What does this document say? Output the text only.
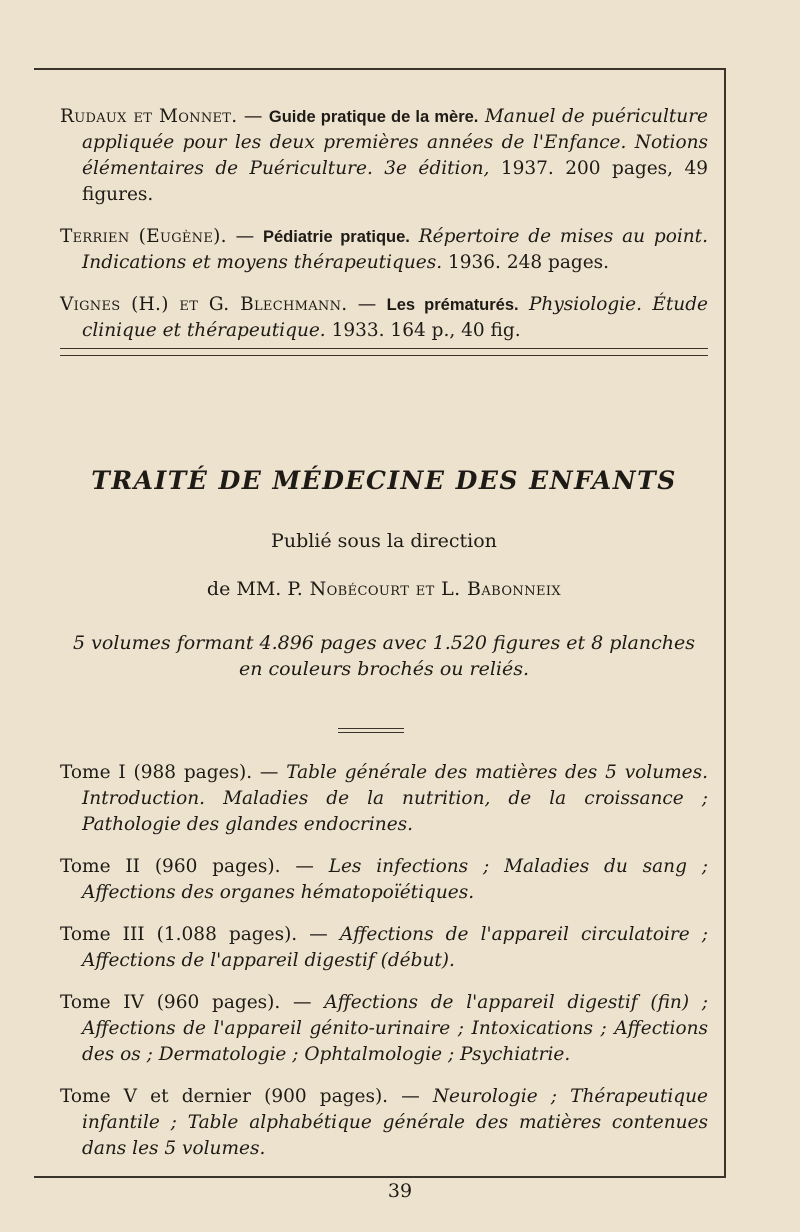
Rudaux et Monnet. — Guide pratique de la mère. Manuel de puériculture appliquée pour les deux premières années de l'Enfance. Notions élémentaires de Puériculture. 3e édition, 1937. 200 pages, 49 figures.

Terrien (Eugène). — Pédiatrie pratique. Répertoire de mises au point. Indications et moyens thérapeutiques. 1936. 248 pages.

Vignes (H.) et G. Blechmann. — Les prématurés. Physiologie. Étude clinique et thérapeutique. 1933. 164 p., 40 fig.

TRAITÉ DE MÉDECINE DES ENFANTS
Publié sous la direction
de MM. P. Nobécourt et L. Babonneix
5 volumes formant 4.896 pages avec 1.520 figures et 8 planches en couleurs brochés ou reliés.

Tome I (988 pages). — Table générale des matières des 5 volumes. Introduction. Maladies de la nutrition, de la croissance ; Pathologie des glandes endocrines.

Tome II (960 pages). — Les infections ; Maladies du sang ; Affections des organes hématopoïétiques.

Tome III (1.088 pages). — Affections de l'appareil circulatoire ; Affections de l'appareil digestif (début).

Tome IV (960 pages). — Affections de l'appareil digestif (fin) ; Affections de l'appareil génito-urinaire ; Intoxications ; Affections des os ; Dermatologie ; Ophtalmologie ; Psychiatrie.

Tome V et dernier (900 pages). — Neurologie ; Thérapeutique infantile ; Table alphabétique générale des matières contenues dans les 5 volumes.

39
